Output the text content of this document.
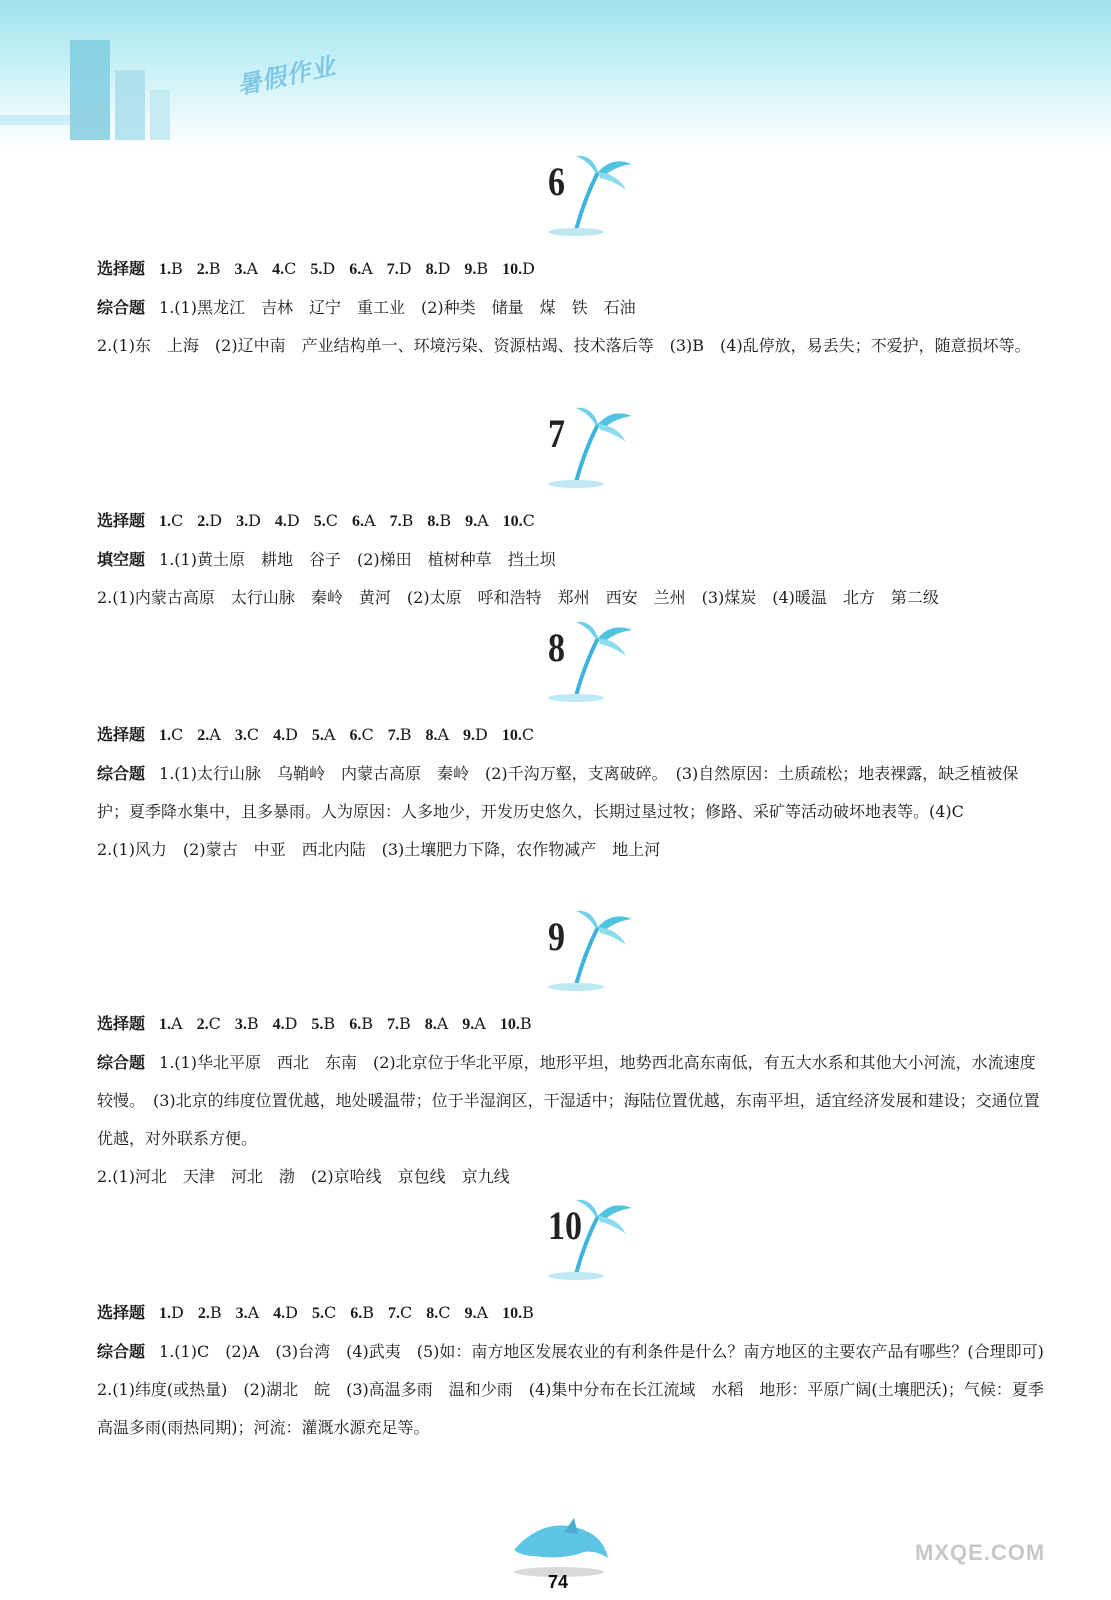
暑假作业
6
选择题 1.B 2.B 3.A 4.C 5.D 6.A 7.D 8.D 9.B 10.D
综合题 1.(1)黑龙江　吉林　辽宁　重工业　(2)种类　储量　煤　铁　石油
2.(1)东　上海　(2)辽中南　产业结构单一、环境污染、资源枯竭、技术落后等　(3)B　(4)乱停放，易丢失；不爱护，随意损坏等。
7
选择题 1.C 2.D 3.D 4.D 5.C 6.A 7.B 8.B 9.A 10.C
填空题 1.(1)黄土原　耕地　谷子　(2)梯田　植树种草　挡土坝
2.(1)内蒙古高原　太行山脉　秦岭　黄河　(2)太原　呼和浩特　郑州　西安　兰州　(3)煤炭　(4)暖温　北方　第二级
8
选择题 1.C 2.A 3.C 4.D 5.A 6.C 7.B 8.A 9.D 10.C
综合题 1.(1)太行山脉　乌鞘岭　内蒙古高原　秦岭　(2)千沟万壑，支离破碎。　(3)自然原因：土质疏松；地表裸露，缺乏植被保护；夏季降水集中，且多暴雨。人为原因：人多地少，开发历史悠久，长期过垦过牧；修路、采矿等活动破坏地表等。(4)C
2.(1)风力　(2)蒙古　中亚　西北内陆　(3)土壤肥力下降，农作物减产　地上河
9
选择题 1.A 2.C 3.B 4.D 5.B 6.B 7.B 8.A 9.A 10.B
综合题 1.(1)华北平原　西北　东南　(2)北京位于华北平原，地形平坦，地势西北高东南低，有五大水系和其他大小河流，水流速度较慢。　(3)北京的纬度位置优越，地处暖温带；位于半湿润区，干湿适中；海陆位置优越，东南平坦，适宜经济发展和建设；交通位置优越，对外联系方便。
2.(1)河北　天津　河北　渤　(2)京哈线　京包线　京九线
10
选择题 1.D 2.B 3.A 4.D 5.C 6.B 7.C 8.C 9.A 10.B
综合题 1.(1)C　(2)A　(3)台湾　(4)武夷　(5)如：南方地区发展农业的有利条件是什么？南方地区的主要农产品有哪些？(合理即可)
2.(1)纬度(或热量)　(2)湖北　皖　(3)高温多雨　温和少雨　(4)集中分布在长江流域　水稻　地形：平原广阔(土壤肥沃)；气候：夏季高温多雨(雨热同期)；河流：灌溉水源充足等。
74
MXQE.COM
